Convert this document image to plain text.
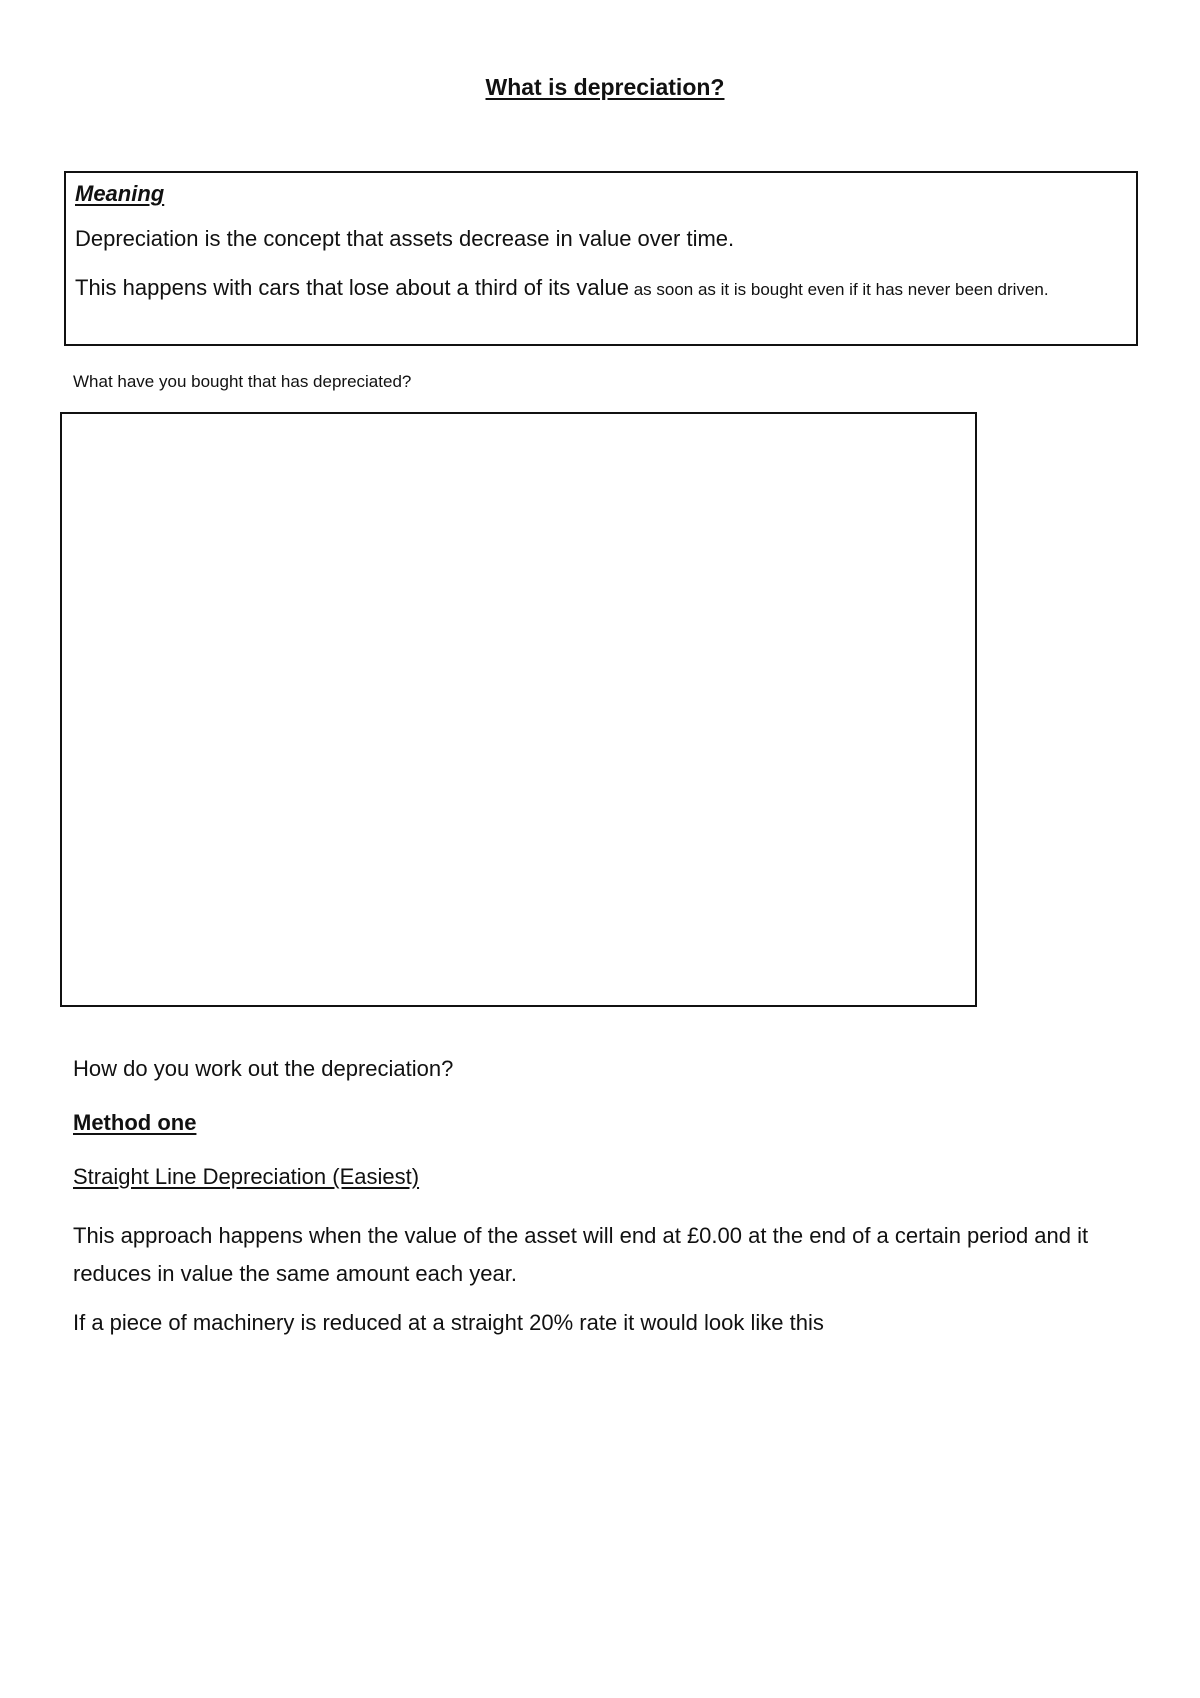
What is depreciation?
Meaning
Depreciation is the concept that assets decrease in value over time.
This happens with cars that lose about a third of its value as soon as it is bought even if it has never been driven.
What have you bought that has depreciated?
How do you work out the depreciation?
Method one
Straight Line Depreciation (Easiest)
This approach happens when the value of the asset will end at £0.00 at the end of a certain period and it reduces in value the same amount each year.
If a piece of machinery is reduced at a straight 20% rate it would look like this
